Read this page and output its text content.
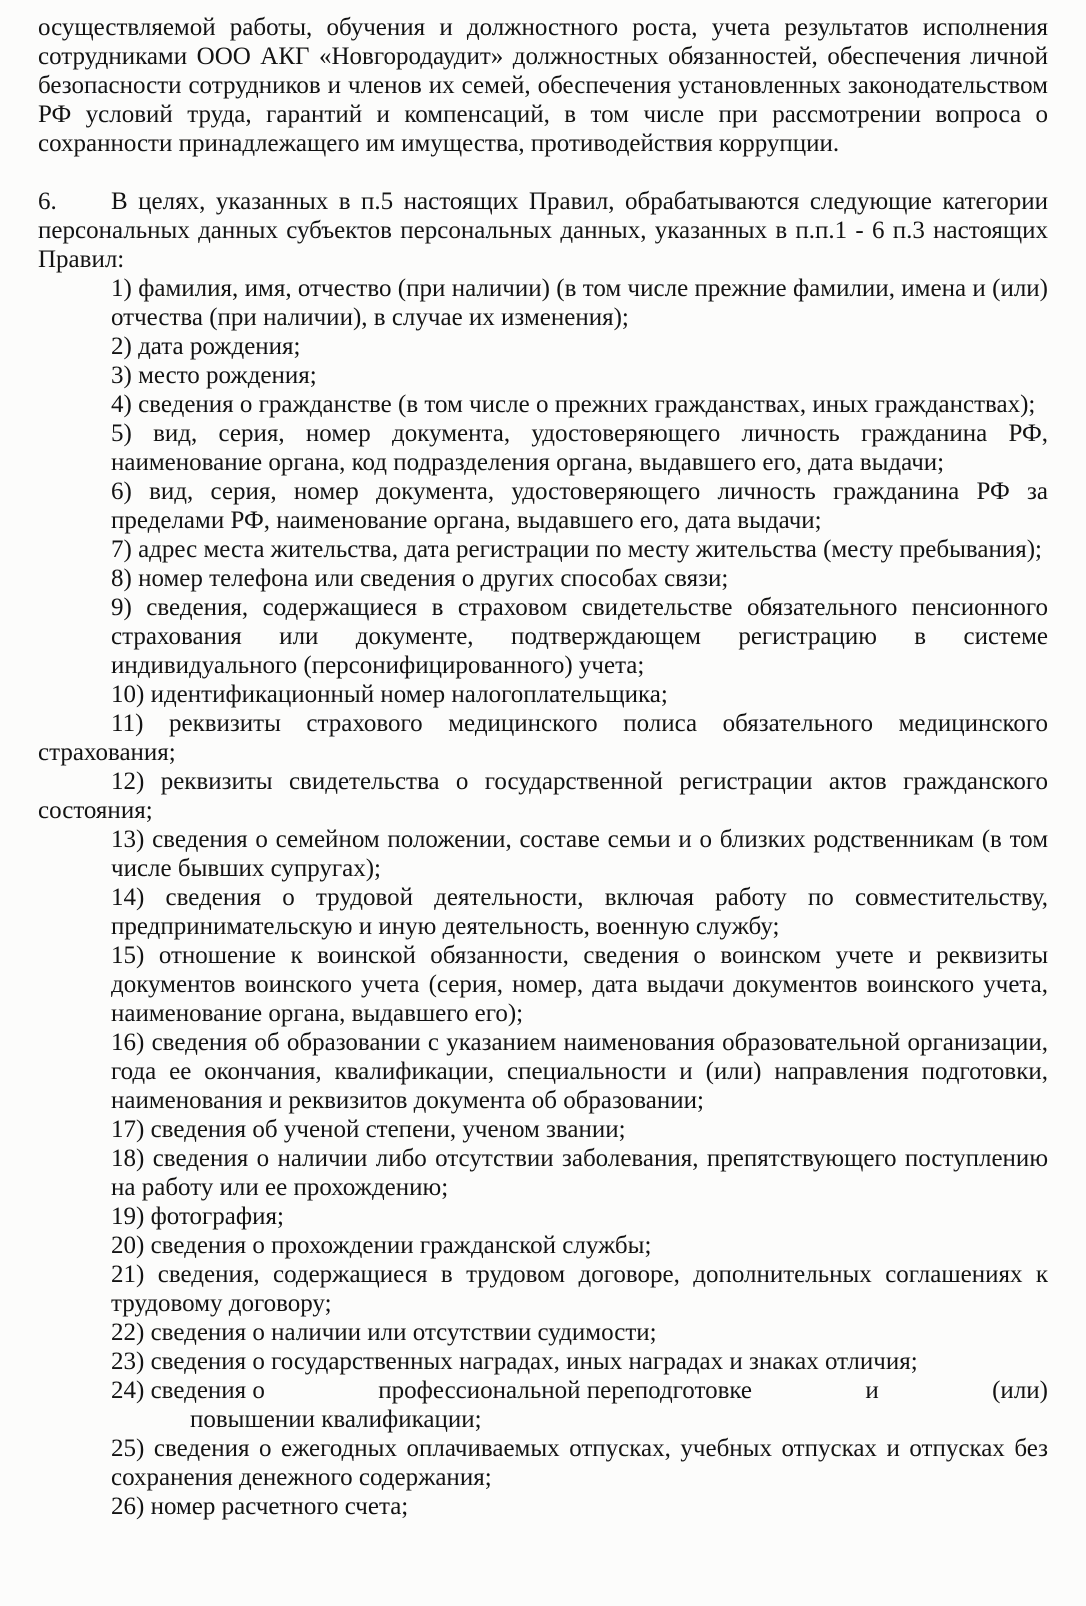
осуществляемой работы, обучения и должностного роста, учета результатов исполнения сотрудниками ООО АКГ «Новгородаудит» должностных обязанностей, обеспечения личной безопасности сотрудников и членов их семей, обеспечения установленных законодательством РФ условий труда, гарантий и компенсаций, в том числе при рассмотрении вопроса о сохранности принадлежащего им имущества, противодействия коррупции.

6. В целях, указанных в п.5 настоящих Правил, обрабатываются следующие категории персональных данных субъектов персональных данных, указанных в п.п.1 - 6 п.3 настоящих Правил:

1) фамилия, имя, отчество (при наличии) (в том числе прежние фамилии, имена и (или) отчества (при наличии), в случае их изменения);
2) дата рождения;
3) место рождения;
4) сведения о гражданстве (в том числе о прежних гражданствах, иных гражданствах);
5) вид, серия, номер документа, удостоверяющего личность гражданина РФ, наименование органа, код подразделения органа, выдавшего его, дата выдачи;
6) вид, серия, номер документа, удостоверяющего личность гражданина РФ за пределами РФ, наименование органа, выдавшего его, дата выдачи;
7) адрес места жительства, дата регистрации по месту жительства (месту пребывания);
8) номер телефона или сведения о других способах связи;
9) сведения, содержащиеся в страховом свидетельстве обязательного пенсионного страхования или документе, подтверждающем регистрацию в системе индивидуального (персонифицированного) учета;
10) идентификационный номер налогоплательщика;
11) реквизиты страхового медицинского полиса обязательного медицинского страхования;
12) реквизиты свидетельства о государственной регистрации актов гражданского состояния;
13) сведения о семейном положении, составе семьи и о близких родственникам (в том числе бывших супругах);
14) сведения о трудовой деятельности, включая работу по совместительству, предпринимательскую и иную деятельность, военную службу;
15) отношение к воинской обязанности, сведения о воинском учете и реквизиты документов воинского учета (серия, номер, дата выдачи документов воинского учета, наименование органа, выдавшего его);
16) сведения об образовании с указанием наименования образовательной организации, года ее окончания, квалификации, специальности и (или) направления подготовки, наименования и реквизитов документа об образовании;
17) сведения об ученой степени, ученом звании;
18) сведения о наличии либо отсутствии заболевания, препятствующего поступлению на работу или ее прохождению;
19) фотография;
20) сведения о прохождении гражданской службы;
21) сведения, содержащиеся в трудовом договоре, дополнительных соглашениях к трудовому договору;
22) сведения о наличии или отсутствии судимости;
23) сведения о государственных наградах, иных наградах и знаках отличия;
24) сведения о	профессиональной переподготовке	и	(или)
повышении квалификации;
25) сведения о ежегодных оплачиваемых отпусках, учебных отпусках и отпусках без сохранения денежного содержания;
26) номер расчетного счета;
